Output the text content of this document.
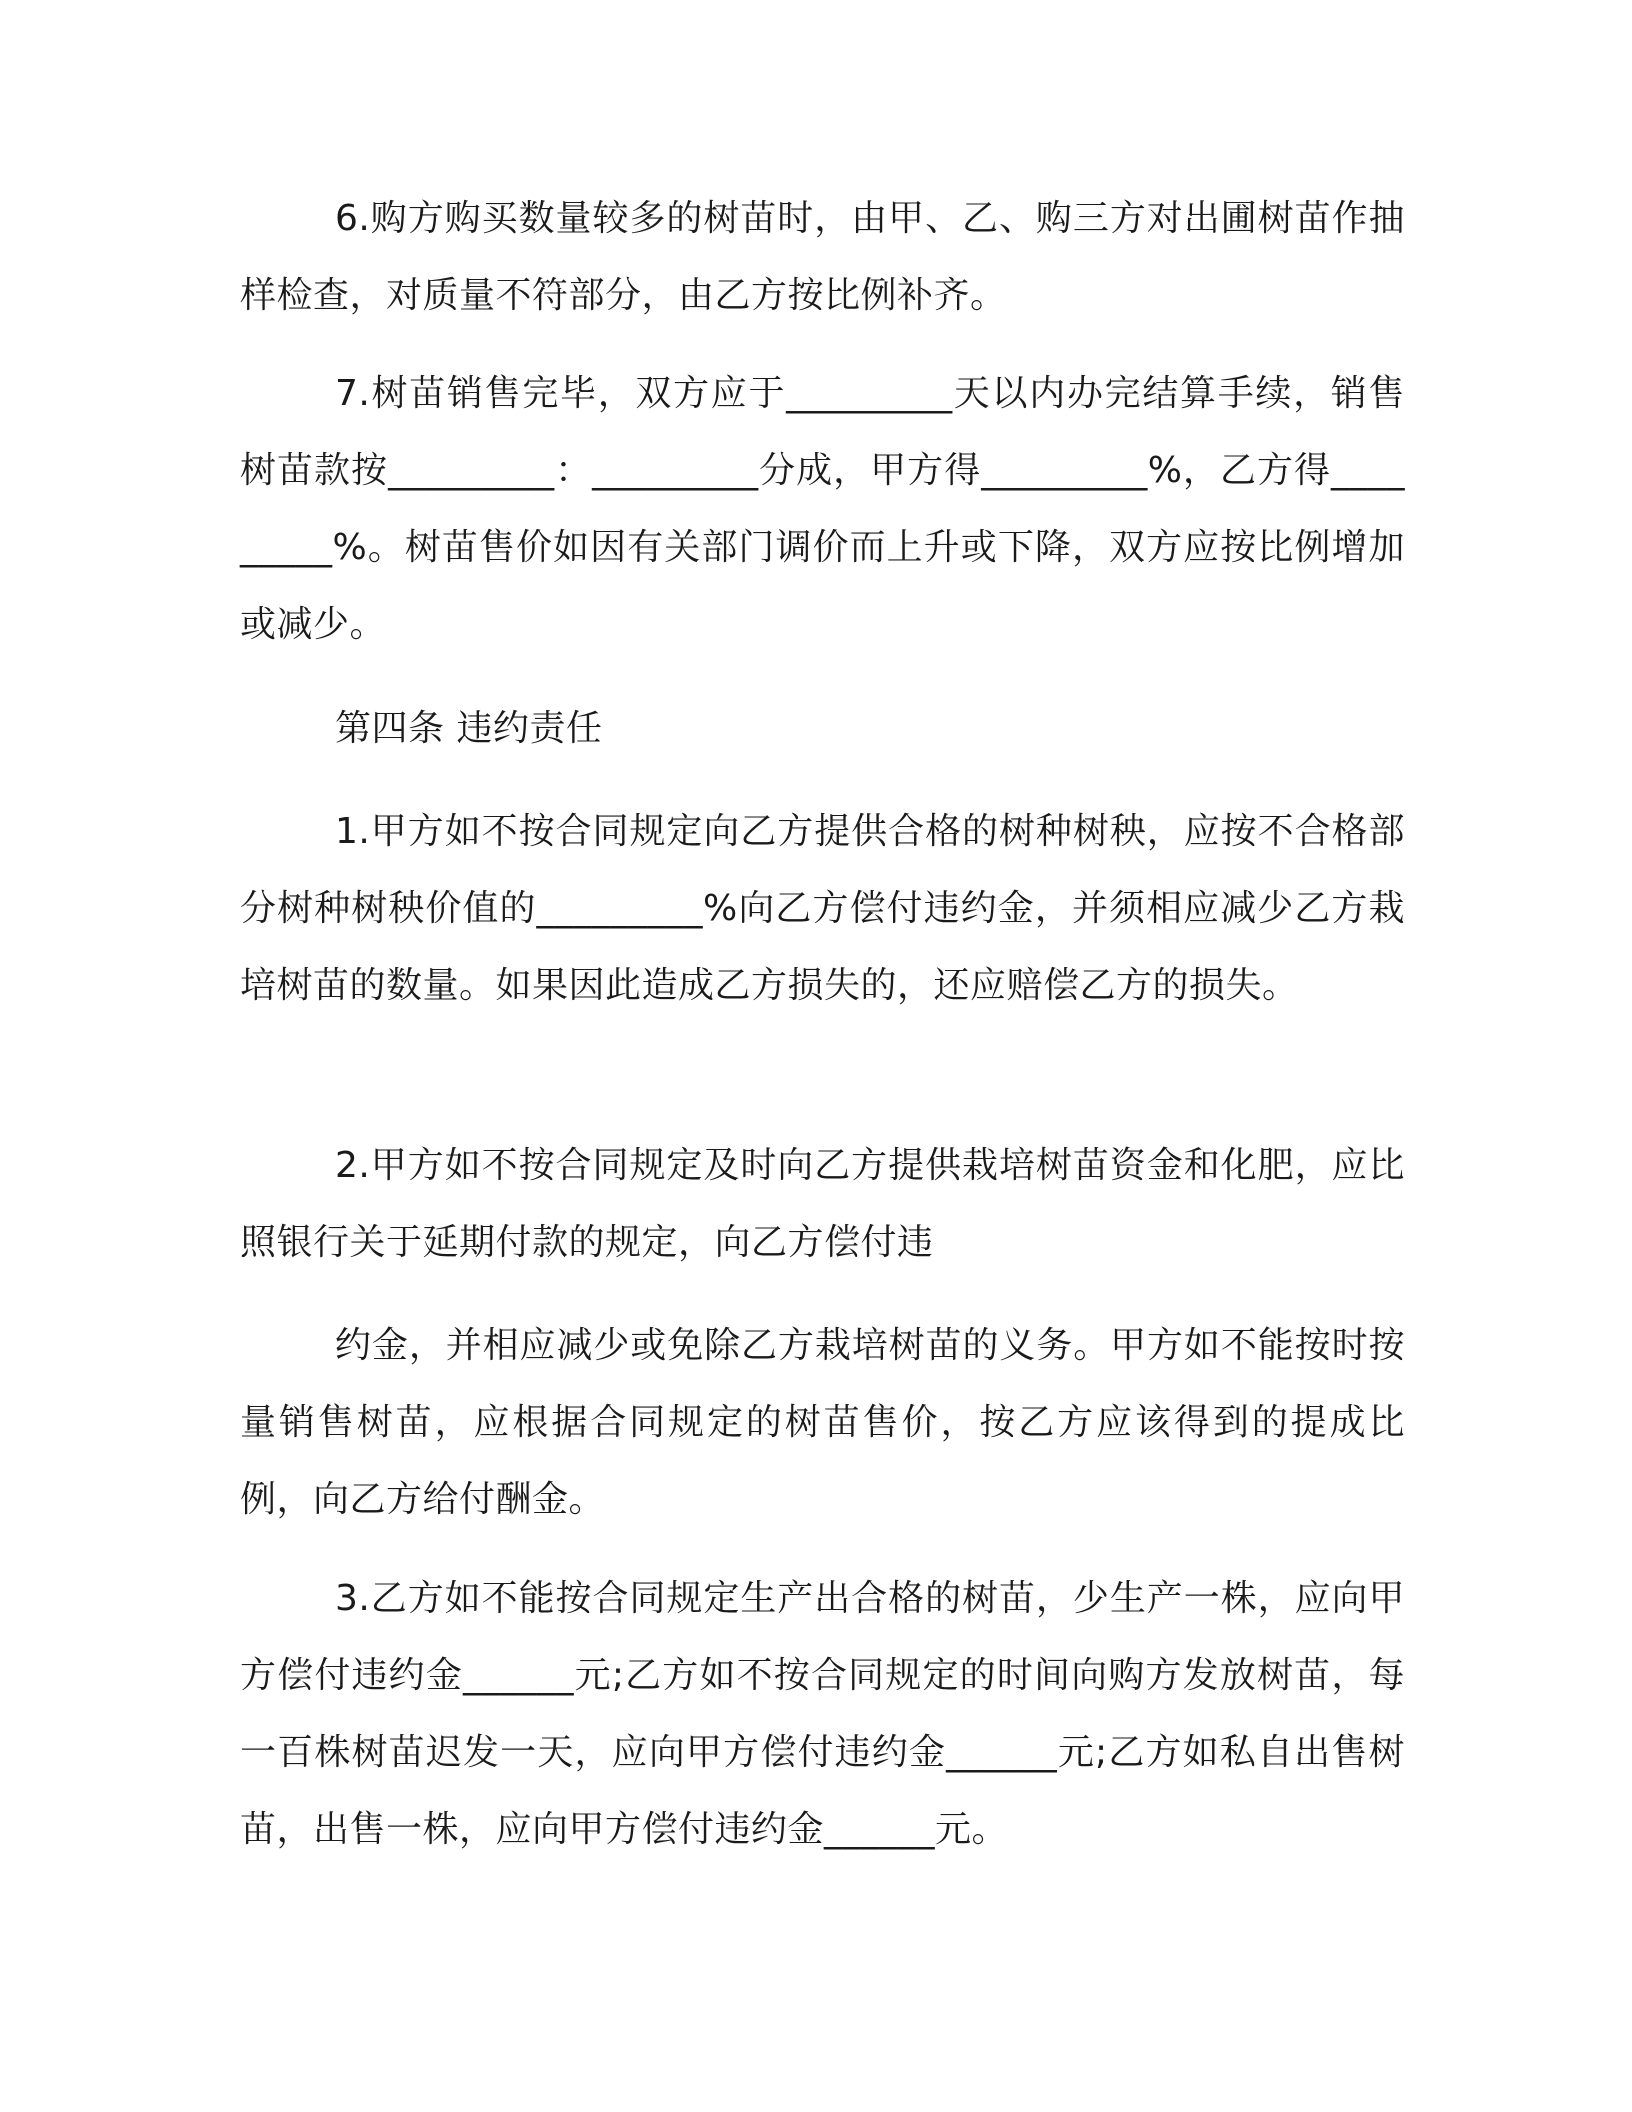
6.购方购买数量较多的树苗时，由甲、乙、购三方对出圃树苗作抽样检查，对质量不符部分，由乙方按比例补齐。

7.树苗销售完毕，双方应于_________天以内办完结算手续，销售树苗款按_________：_________分成，甲方得_________%，乙方得_________%。树苗售价如因有关部门调价而上升或下降，双方应按比例增加或减少。

第四条 违约责任

1.甲方如不按合同规定向乙方提供合格的树种树秧，应按不合格部分树种树秧价值的_________%向乙方偿付违约金，并须相应减少乙方栽培树苗的数量。如果因此造成乙方损失的，还应赔偿乙方的损失。

2.甲方如不按合同规定及时向乙方提供栽培树苗资金和化肥，应比照银行关于延期付款的规定，向乙方偿付违

约金，并相应减少或免除乙方栽培树苗的义务。甲方如不能按时按量销售树苗，应根据合同规定的树苗售价，按乙方应该得到的提成比例，向乙方给付酬金。

3.乙方如不能按合同规定生产出合格的树苗，少生产一株，应向甲方偿付违约金______元;乙方如不按合同规定的时间向购方发放树苗，每一百株树苗迟发一天，应向甲方偿付违约金______元;乙方如私自出售树苗，出售一株，应向甲方偿付违约金______元。
